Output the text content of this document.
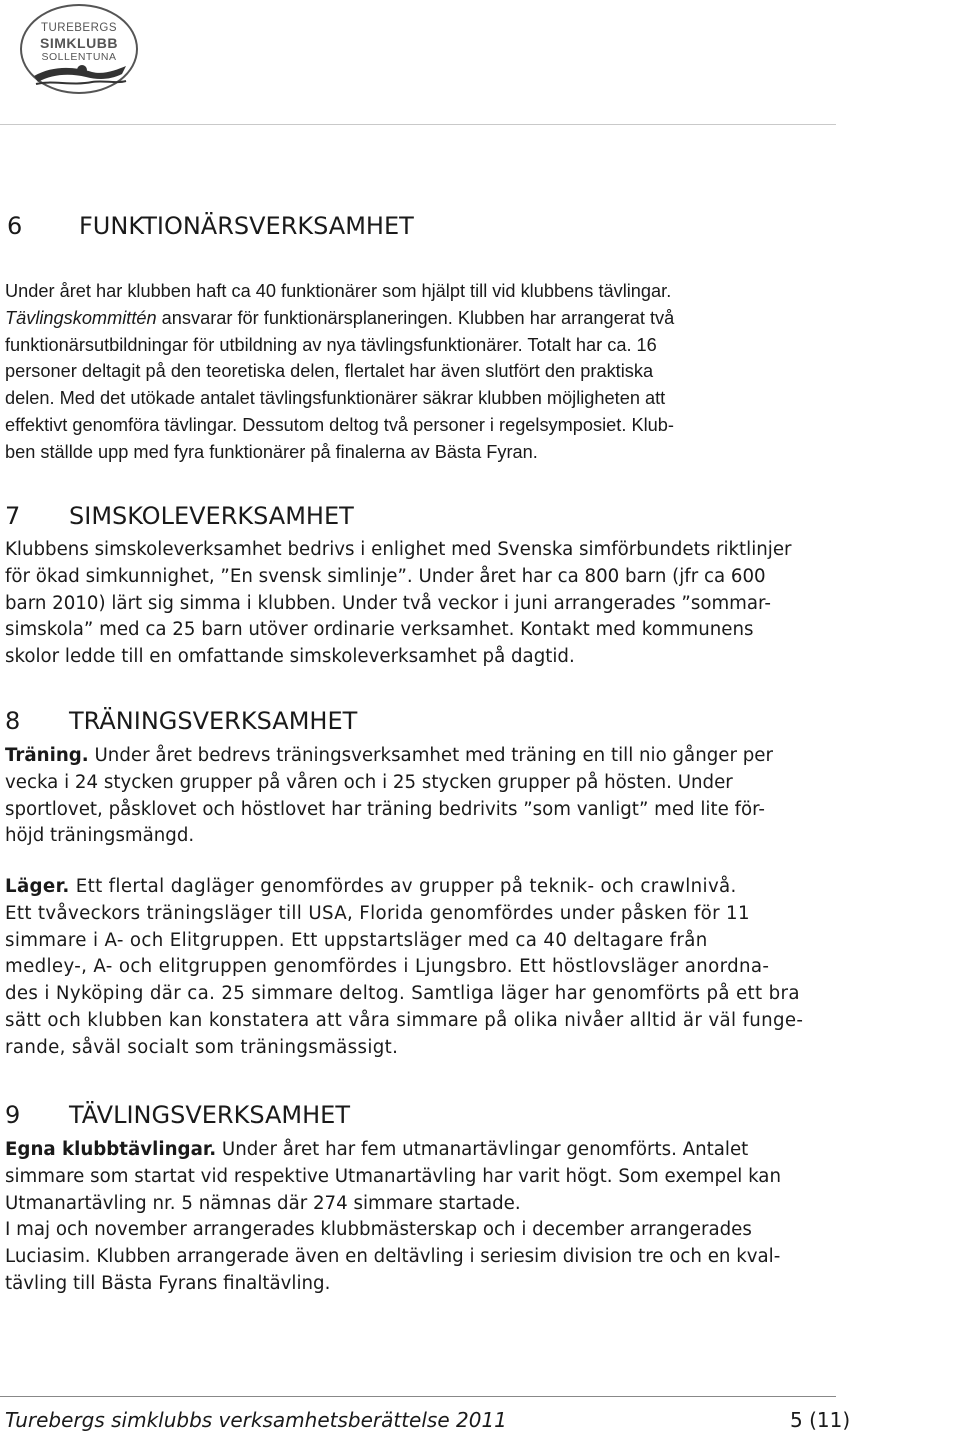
TUREBERGS
SIMKLUBB
SOLLENTUNA
6 FUNKTIONÄRSVERKSAMHET
Under året har klubben haft ca 40 funktionärer som hjälpt till vid klubbens tävlingar.
Tävlingskommittén ansvarar för funktionärsplaneringen. Klubben har arrangerat två
funktionärsutbildningar för utbildning av nya tävlingsfunktionärer. Totalt har ca. 16
personer deltagit på den teoretiska delen, flertalet har även slutfört den praktiska
delen. Med det utökade antalet tävlingsfunktionärer säkrar klubben möjligheten att
effektivt genomföra tävlingar. Dessutom deltog två personer i regelsymposiet. Klub-
ben ställde upp med fyra funktionärer på finalerna av Bästa Fyran.
7 SIMSKOLEVERKSAMHET
Klubbens simskoleverksamhet bedrivs i enlighet med Svenska simförbundets riktlinjer
för ökad simkunnighet, ”En svensk simlinje”. Under året har ca 800 barn (jfr ca 600
barn 2010) lärt sig simma i klubben. Under två veckor i juni arrangerades ”sommar-
simskola” med ca 25 barn utöver ordinarie verksamhet. Kontakt med kommunens
skolor ledde till en omfattande simskoleverksamhet på dagtid.
8 TRÄNINGSVERKSAMHET
Träning. Under året bedrevs träningsverksamhet med träning en till nio gånger per
vecka i 24 stycken grupper på våren och i 25 stycken grupper på hösten. Under
sportlovet, påsklovet och höstlovet har träning bedrivits ”som vanligt” med lite för-
höjd träningsmängd.
Läger. Ett flertal dagläger genomfördes av grupper på teknik- och crawlnivå.
Ett tvåveckors träningsläger till USA, Florida genomfördes under påsken för 11
simmare i A- och Elitgruppen. Ett uppstartsläger med ca 40 deltagare från
medley-, A- och elitgruppen genomfördes i Ljungsbro. Ett höstlovsläger anordna-
des i Nyköping där ca. 25 simmare deltog. Samtliga läger har genomförts på ett bra
sätt och klubben kan konstatera att våra simmare på olika nivåer alltid är väl funge-
rande, såväl socialt som träningsmässigt.
9 TÄVLINGSVERKSAMHET
Egna klubbtävlingar. Under året har fem utmanartävlingar genomförts. Antalet
simmare som startat vid respektive Utmanartävling har varit högt. Som exempel kan
Utmanartävling nr. 5 nämnas där 274 simmare startade.
I maj och november arrangerades klubbmästerskap och i december arrangerades
Luciasim. Klubben arrangerade även en deltävling i seriesim division tre och en kval-
tävling till Bästa Fyrans finaltävling.
Turebergs simklubbs verksamhetsberättelse 2011	5 (11)
